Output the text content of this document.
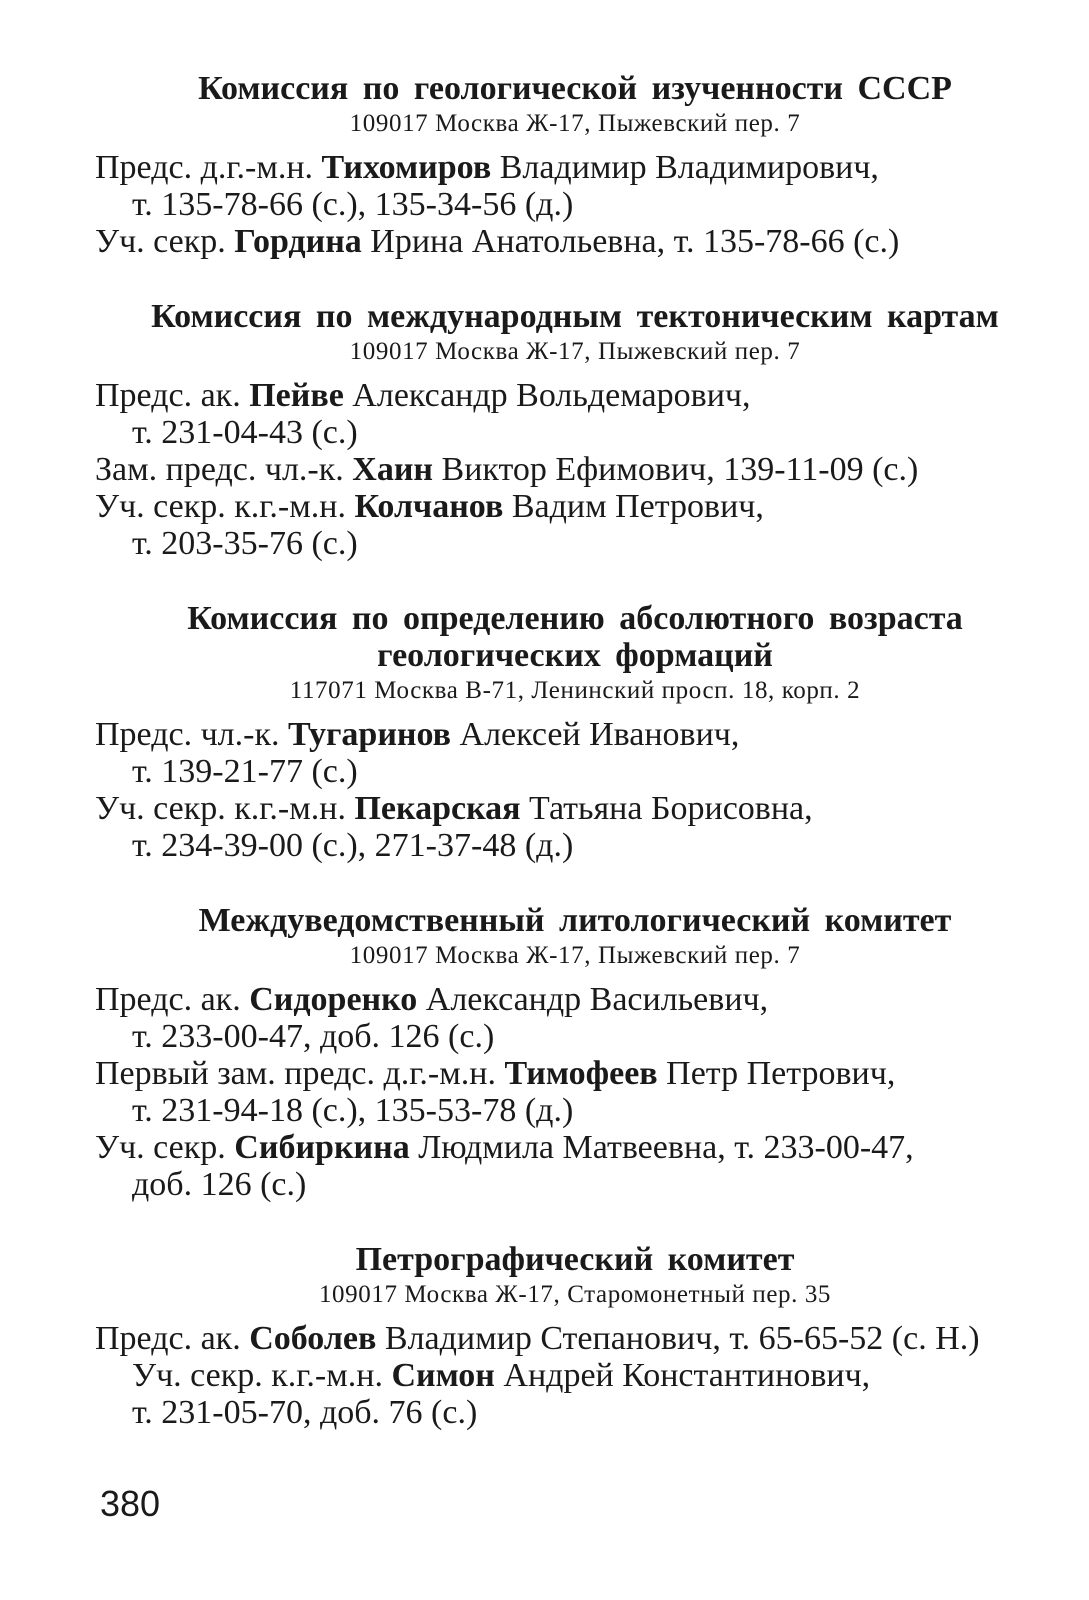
Комиссия по геологической изученности СССР
109017 Москва Ж-17, Пыжевский пер. 7
Предс. д.г.-м.н. Тихомиров Владимир Владимирович,
т. 135-78-66 (с.), 135-34-56 (д.)
Уч. секр. Гордина Ирина Анатольевна, т. 135-78-66 (с.)
Комиссия по международным тектоническим картам
109017 Москва Ж-17, Пыжевский пер. 7
Предс. ак. Пейве Александр Вольдемарович,
т. 231-04-43 (с.)
Зам. предс. чл.-к. Хаин Виктор Ефимович, 139-11-09 (с.)
Уч. секр. к.г.-м.н. Колчанов Вадим Петрович,
т. 203-35-76 (с.)
Комиссия по определению абсолютного возраста геологических формаций
117071 Москва В-71, Ленинский просп. 18, корп. 2
Предс. чл.-к. Тугаринов Алексей Иванович,
т. 139-21-77 (с.)
Уч. секр. к.г.-м.н. Пекарская Татьяна Борисовна,
т. 234-39-00 (с.), 271-37-48 (д.)
Междуведомственный литологический комитет
109017 Москва Ж-17, Пыжевский пер. 7
Предс. ак. Сидоренко Александр Васильевич,
т. 233-00-47, доб. 126 (с.)
Первый зам. предс. д.г.-м.н. Тимофеев Петр Петрович,
т. 231-94-18 (с.), 135-53-78 (д.)
Уч. секр. Сибиркина Людмила Матвеевна, т. 233-00-47,
доб. 126 (с.)
Петрографический комитет
109017 Москва Ж-17, Старомонетный пер. 35
Предс. ак. Соболев Владимир Степанович, т. 65-65-52 (с. Н.)
Уч. секр. к.г.-м.н. Симон Андрей Константинович,
т. 231-05-70, доб. 76 (с.)
380
